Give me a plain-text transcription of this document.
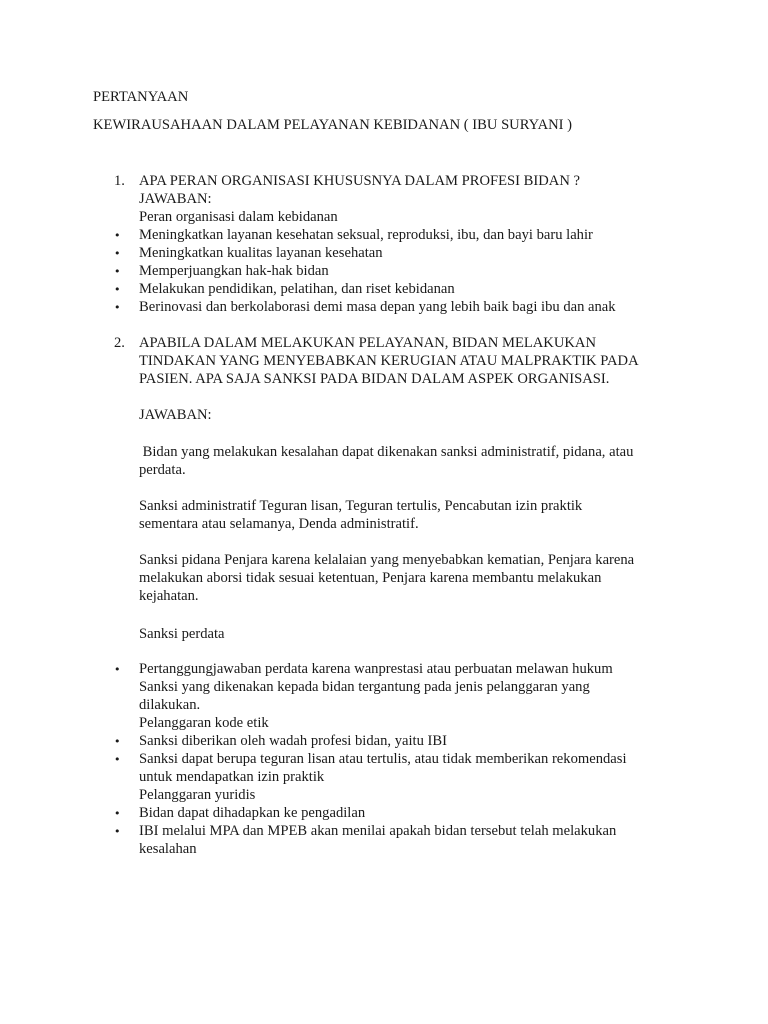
PERTANYAAN
KEWIRAUSAHAAN DALAM PELAYANAN KEBIDANAN ( IBU SURYANI )
1. APA PERAN ORGANISASI KHUSUSNYA DALAM PROFESI BIDAN ?
JAWABAN:
Peran organisasi dalam kebidanan
• Meningkatkan layanan kesehatan seksual, reproduksi, ibu, dan bayi baru lahir
• Meningkatkan kualitas layanan kesehatan
• Memperjuangkan hak-hak bidan
• Melakukan pendidikan, pelatihan, dan riset kebidanan
• Berinovasi dan berkolaborasi demi masa depan yang lebih baik bagi ibu dan anak
2. APABILA DALAM MELAKUKAN PELAYANAN, BIDAN MELAKUKAN
TINDAKAN YANG MENYEBABKAN KERUGIAN ATAU MALPRAKTIK PADA
PASIEN. APA SAJA SANKSI PADA BIDAN DALAM ASPEK ORGANISASI.
JAWABAN:
Bidan yang melakukan kesalahan dapat dikenakan sanksi administratif, pidana, atau
perdata.
Sanksi administratif Teguran lisan, Teguran tertulis, Pencabutan izin praktik
sementara atau selamanya, Denda administratif.
Sanksi pidana Penjara karena kelalaian yang menyebabkan kematian, Penjara karena
melakukan aborsi tidak sesuai ketentuan, Penjara karena membantu melakukan
kejahatan.
Sanksi perdata
• Pertanggungjawaban perdata karena wanprestasi atau perbuatan melawan hukum
Sanksi yang dikenakan kepada bidan tergantung pada jenis pelanggaran yang
dilakukan.
Pelanggaran kode etik
• Sanksi diberikan oleh wadah profesi bidan, yaitu IBI
• Sanksi dapat berupa teguran lisan atau tertulis, atau tidak memberikan rekomendasi
untuk mendapatkan izin praktik
Pelanggaran yuridis
• Bidan dapat dihadapkan ke pengadilan
• IBI melalui MPA dan MPEB akan menilai apakah bidan tersebut telah melakukan
kesalahan
